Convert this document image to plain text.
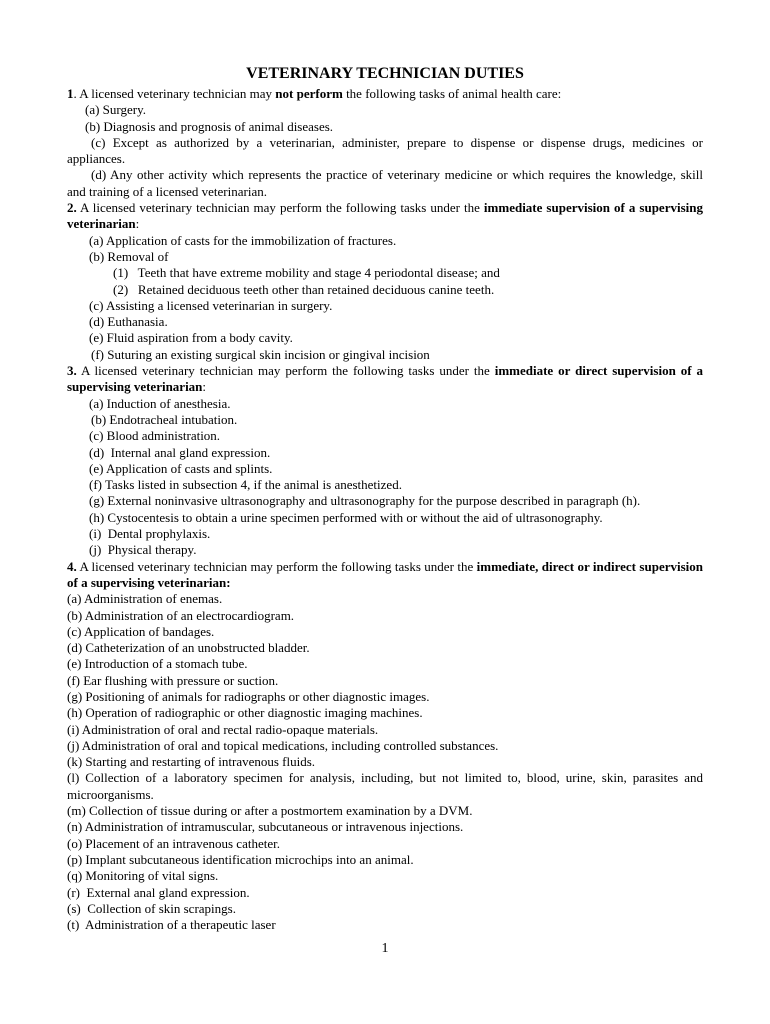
VETERINARY TECHNICIAN DUTIES

1. A licensed veterinary technician may not perform the following tasks of animal health care:

(a) Surgery.

(b) Diagnosis and prognosis of animal diseases.

(c) Except as authorized by a veterinarian, administer, prepare to dispense or dispense drugs, medicines or appliances.

(d) Any other activity which represents the practice of veterinary medicine or which requires the knowledge, skill and training of a licensed veterinarian.

2. A licensed veterinary technician may perform the following tasks under the immediate supervision of a supervising veterinarian:

(a) Application of casts for the immobilization of fractures.

(b) Removal of

(1)   Teeth that have extreme mobility and stage 4 periodontal disease; and

(2)   Retained deciduous teeth other than retained deciduous canine teeth.

(c) Assisting a licensed veterinarian in surgery.

(d) Euthanasia.

(e) Fluid aspiration from a body cavity.

(f) Suturing an existing surgical skin incision or gingival incision

3. A licensed veterinary technician may perform the following tasks under the immediate or direct supervision of a supervising veterinarian:

(a) Induction of anesthesia.

(b) Endotracheal intubation.

(c) Blood administration.

(d)  Internal anal gland expression.

(e) Application of casts and splints.

(f) Tasks listed in subsection 4, if the animal is anesthetized.

(g) External noninvasive ultrasonography and ultrasonography for the purpose described in paragraph (h).

(h) Cystocentesis to obtain a urine specimen performed with or without the aid of ultrasonography.

(i)  Dental prophylaxis.

(j)  Physical therapy.

4. A licensed veterinary technician may perform the following tasks under the immediate, direct or indirect supervision of a supervising veterinarian:

(a) Administration of enemas.

(b) Administration of an electrocardiogram.

(c) Application of bandages.

(d) Catheterization of an unobstructed bladder.

(e) Introduction of a stomach tube.

(f) Ear flushing with pressure or suction.

(g) Positioning of animals for radiographs or other diagnostic images.

(h) Operation of radiographic or other diagnostic imaging machines.

(i) Administration of oral and rectal radio-opaque materials.

(j) Administration of oral and topical medications, including controlled substances.

(k) Starting and restarting of intravenous fluids.

(l) Collection of a laboratory specimen for analysis, including, but not limited to, blood, urine, skin, parasites and microorganisms.

(m) Collection of tissue during or after a postmortem examination by a DVM.

(n) Administration of intramuscular, subcutaneous or intravenous injections.

(o) Placement of an intravenous catheter.

(p) Implant subcutaneous identification microchips into an animal.

(q) Monitoring of vital signs.

(r)  External anal gland expression.

(s)  Collection of skin scrapings.

(t)  Administration of a therapeutic laser

1
